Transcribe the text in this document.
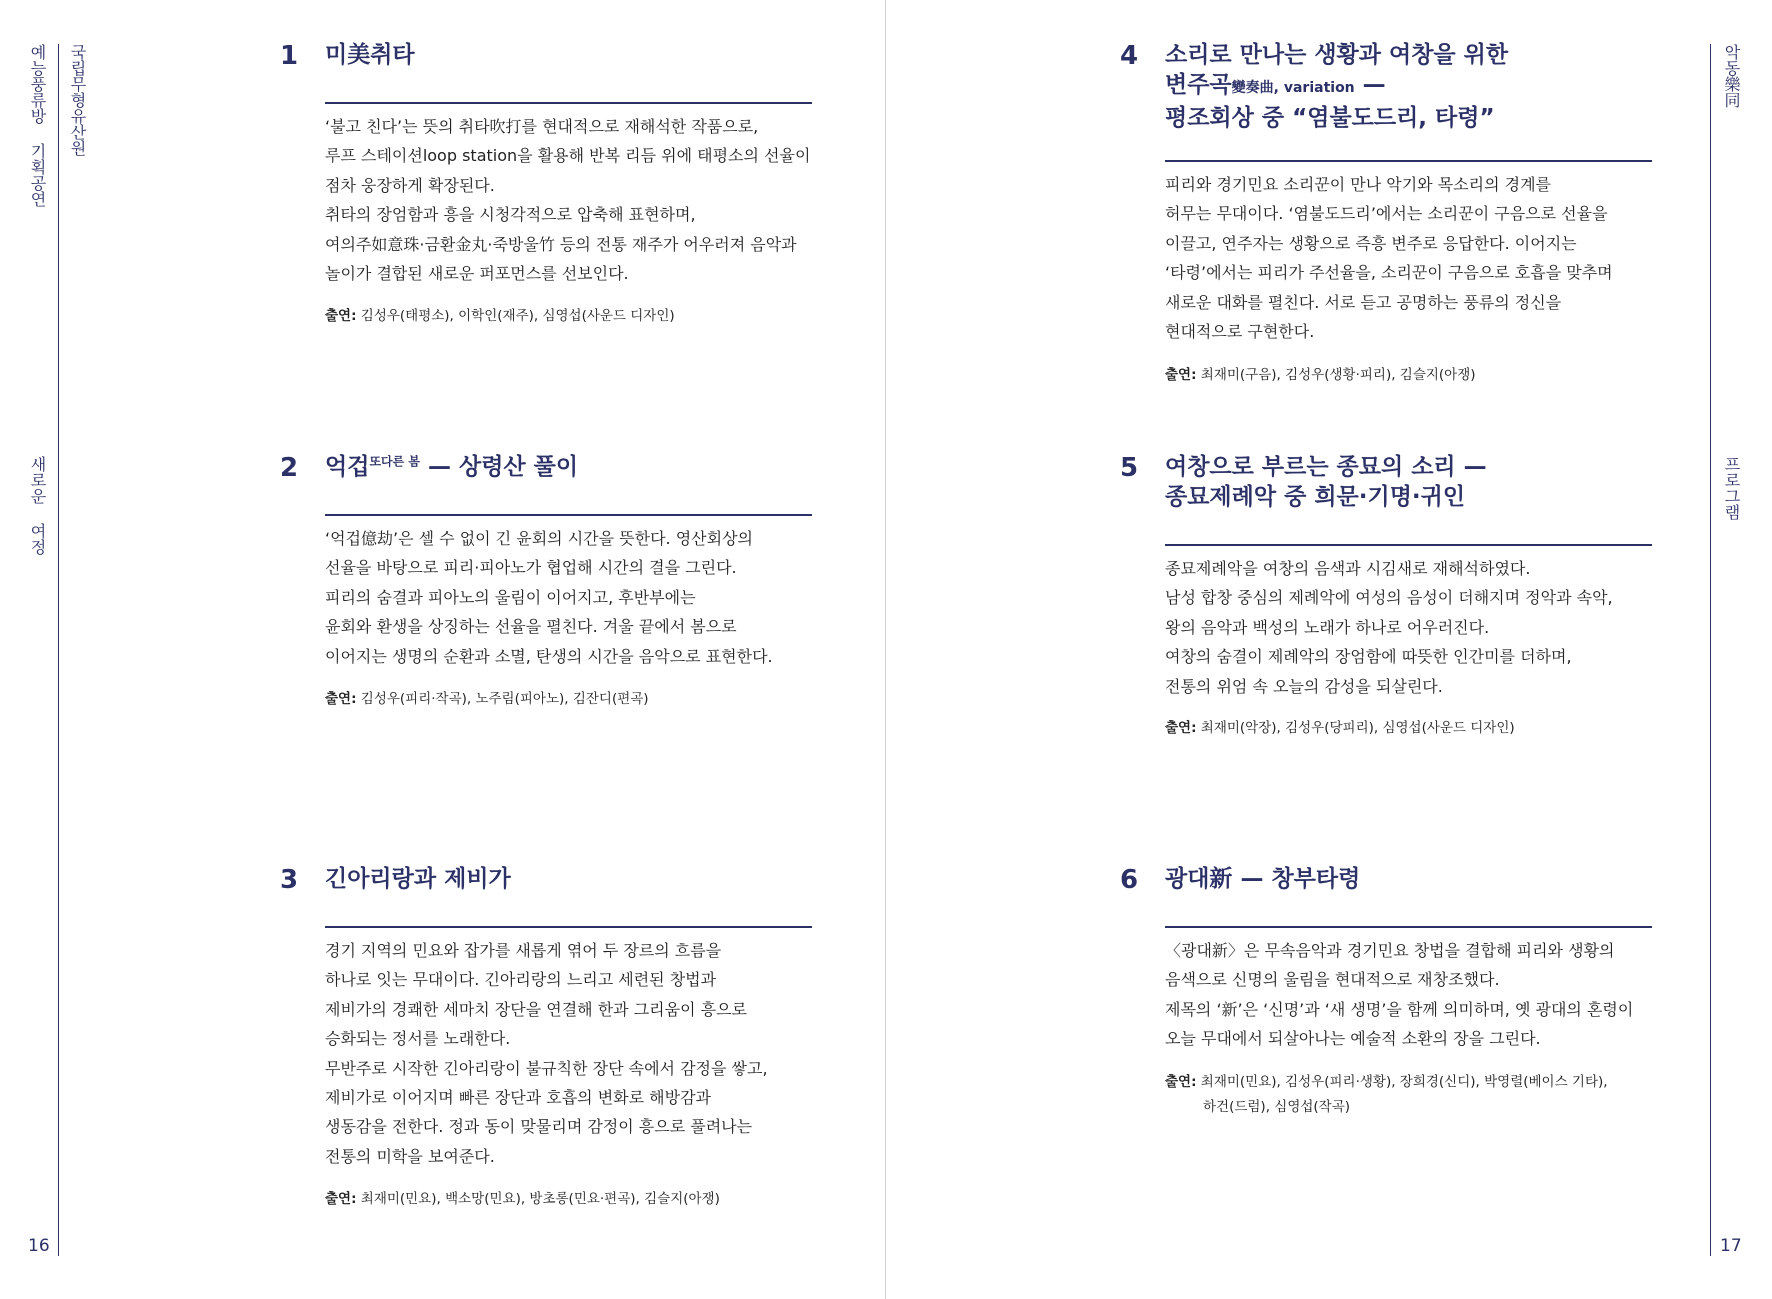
예능풍류방 기획공연 국립무형유산원
새로운 여정
16
1 미美취타

‘불고 친다’는 뜻의 취타吹打를 현대적으로 재해석한 작품으로,

루프 스테이션loop station을 활용해 반복 리듬 위에 태평소의 선율이

점차 웅장하게 확장된다.

취타의 장엄함과 흥을 시청각적으로 압축해 표현하며,

여의주如意珠·금환金丸·죽방울竹 등의 전통 재주가 어우러져 음악과

놀이가 결합된 새로운 퍼포먼스를 선보인다.

출연: 김성우(태평소), 이학인(재주), 심영섭(사운드 디자인)
2 억겁$^{또다른 봄}$ — 상령산 풀이

‘억겁億劫’은 셀 수 없이 긴 윤회의 시간을 뜻한다. 영산회상의

선율을 바탕으로 피리·피아노가 협업해 시간의 결을 그린다.

피리의 숨결과 피아노의 울림이 이어지고, 후반부에는

윤회와 환생을 상징하는 선율을 펼친다. 겨울 끝에서 봄으로

이어지는 생명의 순환과 소멸, 탄생의 시간을 음악으로 표현한다.

출연: 김성우(피리·작곡), 노주림(피아노), 김잔디(편곡)
3 긴아리랑과 제비가

경기 지역의 민요와 잡가를 새롭게 엮어 두 장르의 흐름을

하나로 잇는 무대이다. 긴아리랑의 느리고 세련된 창법과

제비가의 경쾌한 세마치 장단을 연결해 한과 그리움이 흥으로

승화되는 정서를 노래한다.

무반주로 시작한 긴아리랑이 불규칙한 장단 속에서 감정을 쌓고,

제비가로 이어지며 빠른 장단과 호흡의 변화로 해방감과

생동감을 전한다. 정과 동이 맞물리며 감정이 흥으로 풀려나는

전통의 미학을 보여준다.

출연: 최재미(민요), 백소망(민요), 방초롱(민요·편곡), 김슬지(아쟁)
악동樂同
프로그램
17
4 소리로 만나는 생황과 여창을 위한
변주곡變奏曲, variation —
평조회상 중 “염불도드리, 타령”

피리와 경기민요 소리꾼이 만나 악기와 목소리의 경계를

허무는 무대이다. ‘염불도드리’에서는 소리꾼이 구음으로 선율을

이끌고, 연주자는 생황으로 즉흥 변주로 응답한다. 이어지는

‘타령’에서는 피리가 주선율을, 소리꾼이 구음으로 호흡을 맞추며

새로운 대화를 펼친다. 서로 듣고 공명하는 풍류의 정신을

현대적으로 구현한다.

출연: 최재미(구음), 김성우(생황·피리), 김슬지(아쟁)
5 여창으로 부르는 종묘의 소리 —
종묘제례악 중 희문·기명·귀인

종묘제례악을 여창의 음색과 시김새로 재해석하였다.

남성 합창 중심의 제례악에 여성의 음성이 더해지며 정악과 속악,

왕의 음악과 백성의 노래가 하나로 어우러진다.

여창의 숨결이 제례악의 장엄함에 따뜻한 인간미를 더하며,

전통의 위엄 속 오늘의 감성을 되살린다.

출연: 최재미(악장), 김성우(당피리), 심영섭(사운드 디자인)
6 광대新 — 창부타령

〈광대新〉은 무속음악과 경기민요 창법을 결합해 피리와 생황의

음색으로 신명의 울림을 현대적으로 재창조했다.

제목의 ‘新’은 ‘신명’과 ‘새 생명’을 함께 의미하며, 옛 광대의 혼령이

오늘 무대에서 되살아나는 예술적 소환의 장을 그린다.

출연: 최재미(민요), 김성우(피리·생황), 장희경(신디), 박영렬(베이스 기타),
하건(드럼), 심영섭(작곡)
